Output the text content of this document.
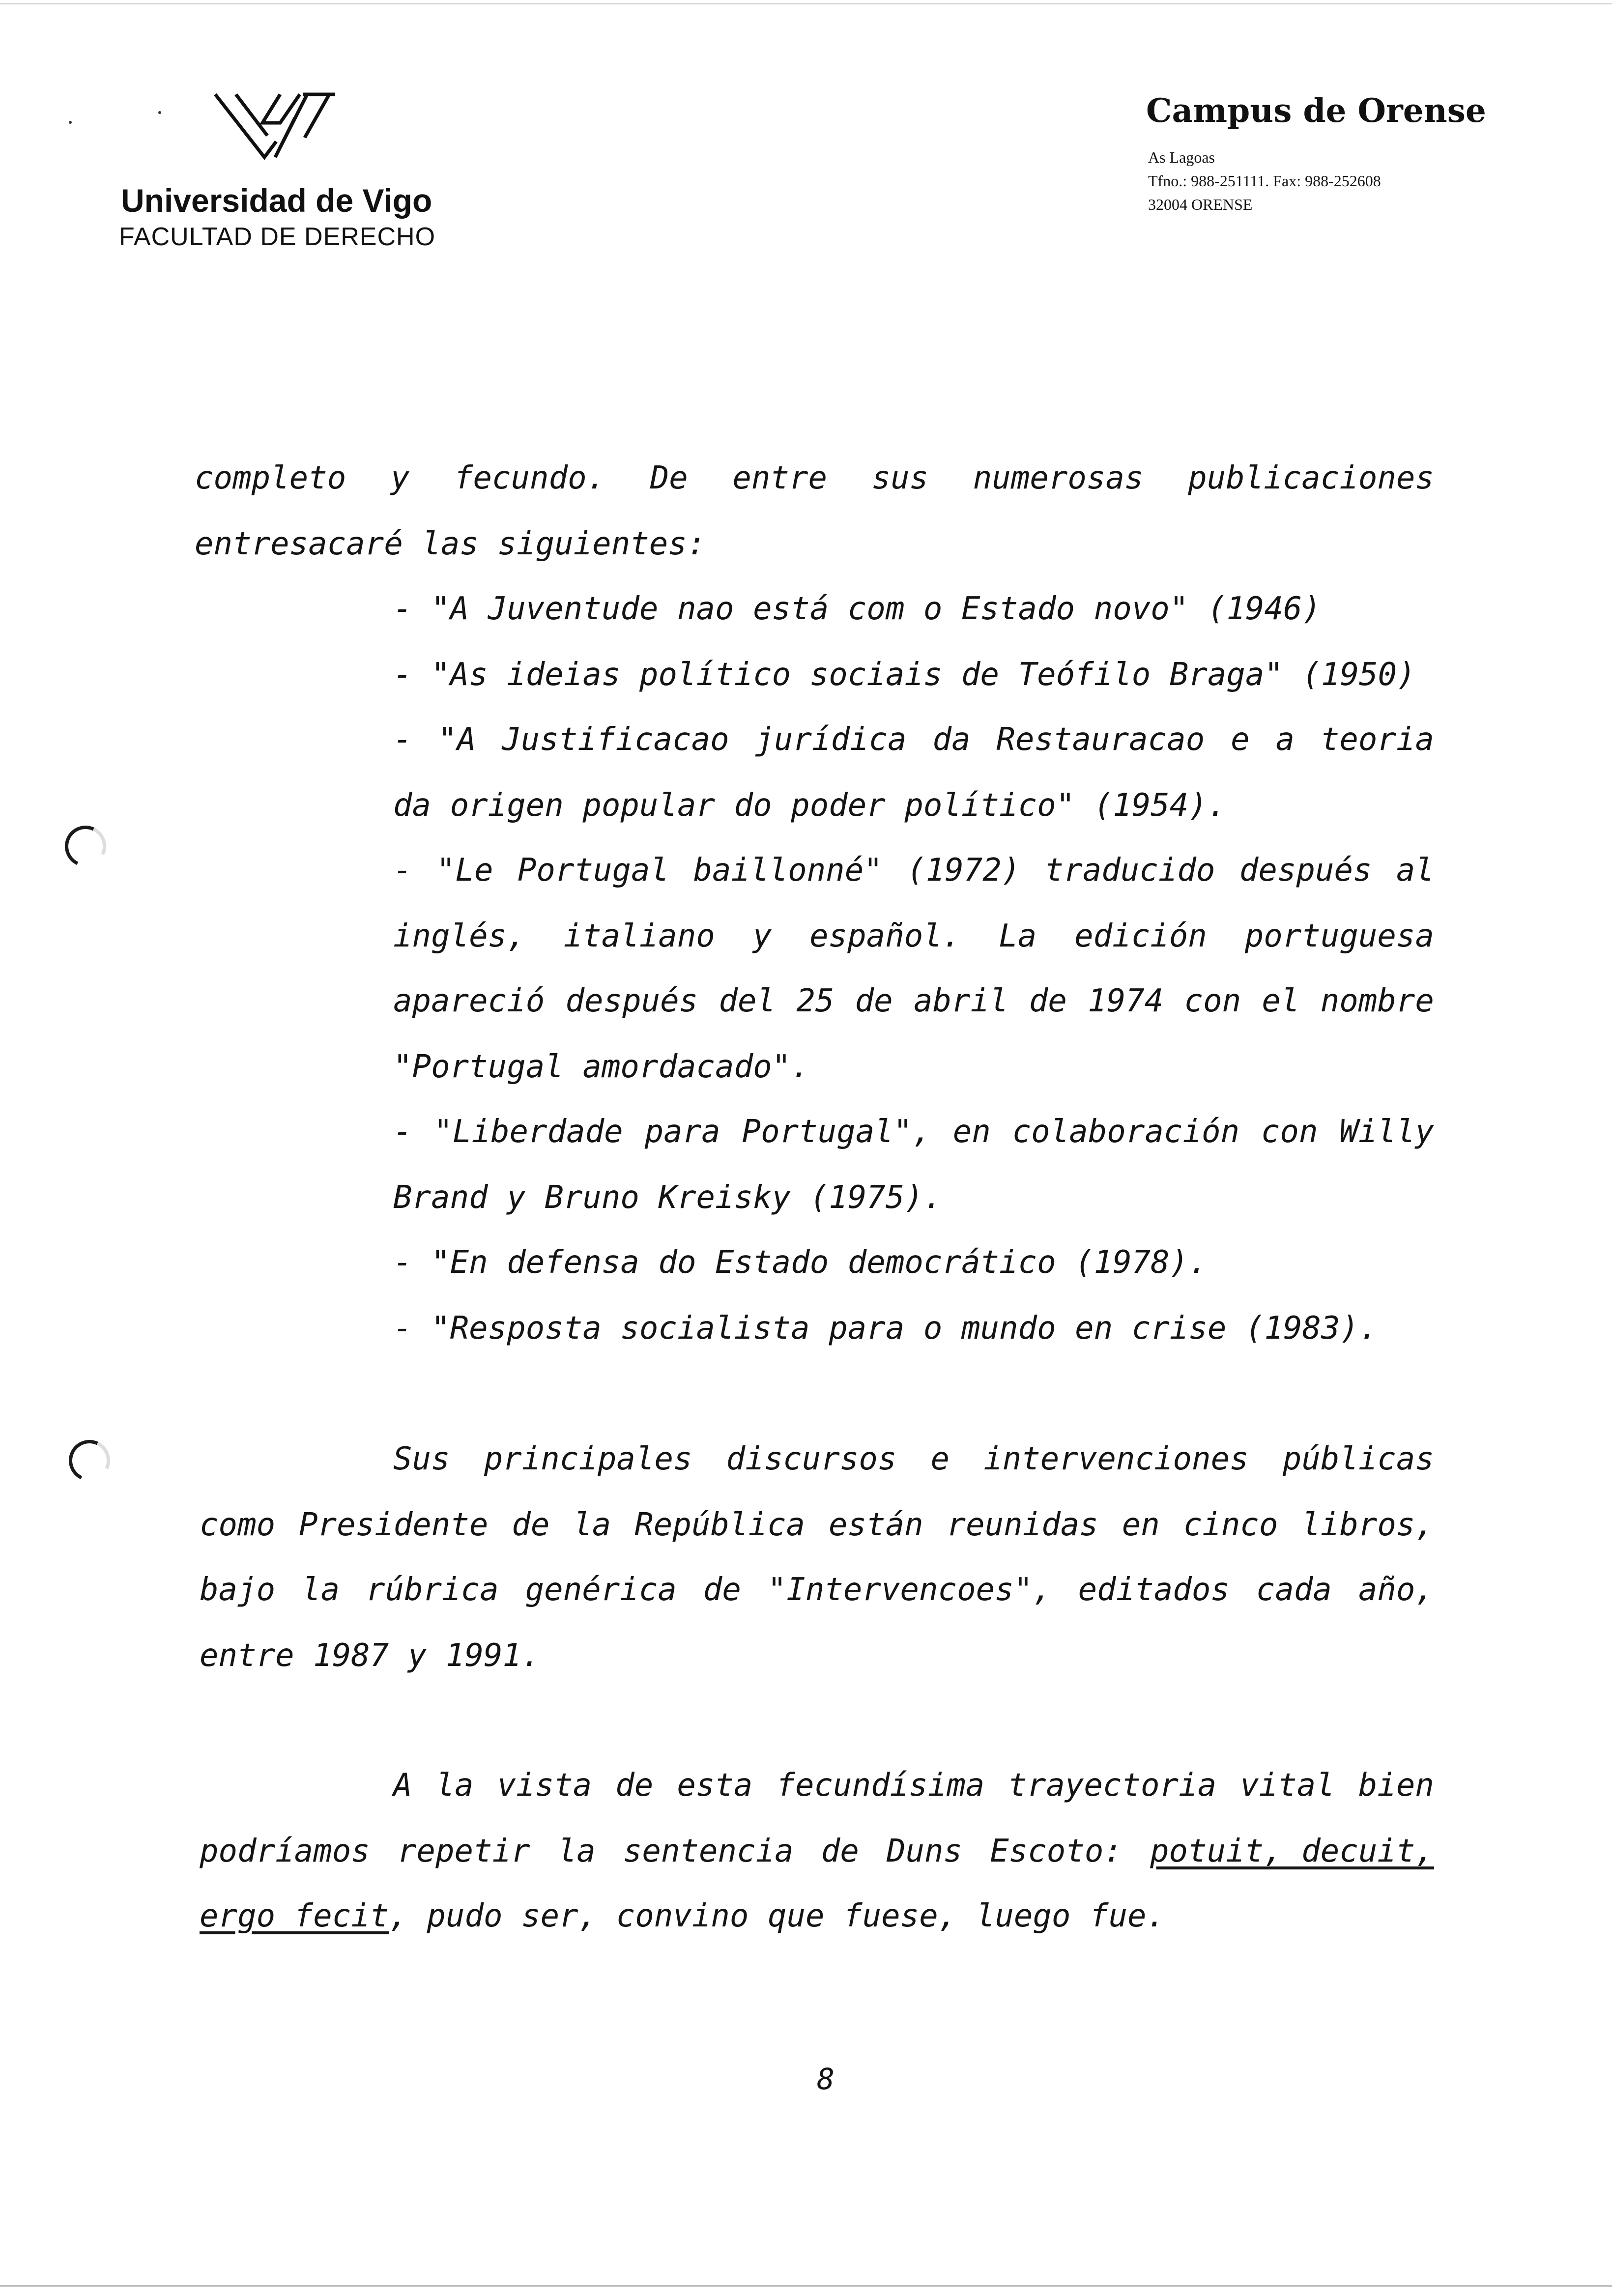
Universidad de Vigo
FACULTAD DE DERECHO
Campus de Orense
As Lagoas
Tfno.: 988-251111. Fax: 988-252608
32004 ORENSE
completo y fecundo. De entre sus numerosas publicaciones
entresacaré las siguientes:
- "A Juventude nao está com o Estado novo" (1946)
- "As ideias político sociais de Teófilo Braga" (1950)
- "A Justificacao jurídica da Restauracao e a teoria
da origen popular do poder político" (1954).
- "Le Portugal baillonné" (1972) traducido después al
inglés, italiano y español. La edición portuguesa
apareció después del 25 de abril de 1974 con el nombre
"Portugal amordacado".
- "Liberdade para Portugal", en colaboración con Willy
Brand y Bruno Kreisky (1975).
- "En defensa do Estado democrático (1978).
- "Resposta socialista para o mundo en crise (1983).
Sus principales discursos e intervenciones públicas
como Presidente de la República están reunidas en cinco libros,
bajo la rúbrica genérica de "Intervencoes", editados cada año,
entre 1987 y 1991.
A la vista de esta fecundísima trayectoria vital bien
podríamos repetir la sentencia de Duns Escoto: potuit, decuit,
ergo fecit, pudo ser, convino que fuese, luego fue.
8
